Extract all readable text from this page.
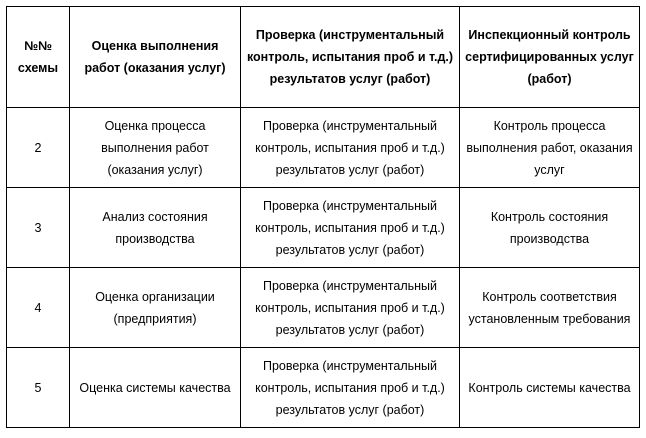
№№ схемы	Оценка выполнения работ (оказания услуг)	Проверка (инструментальный контроль, испытания проб и т.д.) результатов услуг (работ)	Инспекционный контроль сертифицированных услуг (работ)

2	Оценка процесса выполнения работ (оказания услуг)	Проверка (инструментальный контроль, испытания проб и т.д.) результатов услуг (работ)	Контроль процесса выполнения работ, оказания услуг

3	Анализ состояния производства	Проверка (инструментальный контроль, испытания проб и т.д.) результатов услуг (работ)	Контроль состояния производства

4	Оценка организации (предприятия)	Проверка (инструментальный контроль, испытания проб и т.д.) результатов услуг (работ)	Контроль соответствия установленным требования

5	Оценка системы качества	Проверка (инструментальный контроль, испытания проб и т.д.) результатов услуг (работ)	Контроль системы качества
